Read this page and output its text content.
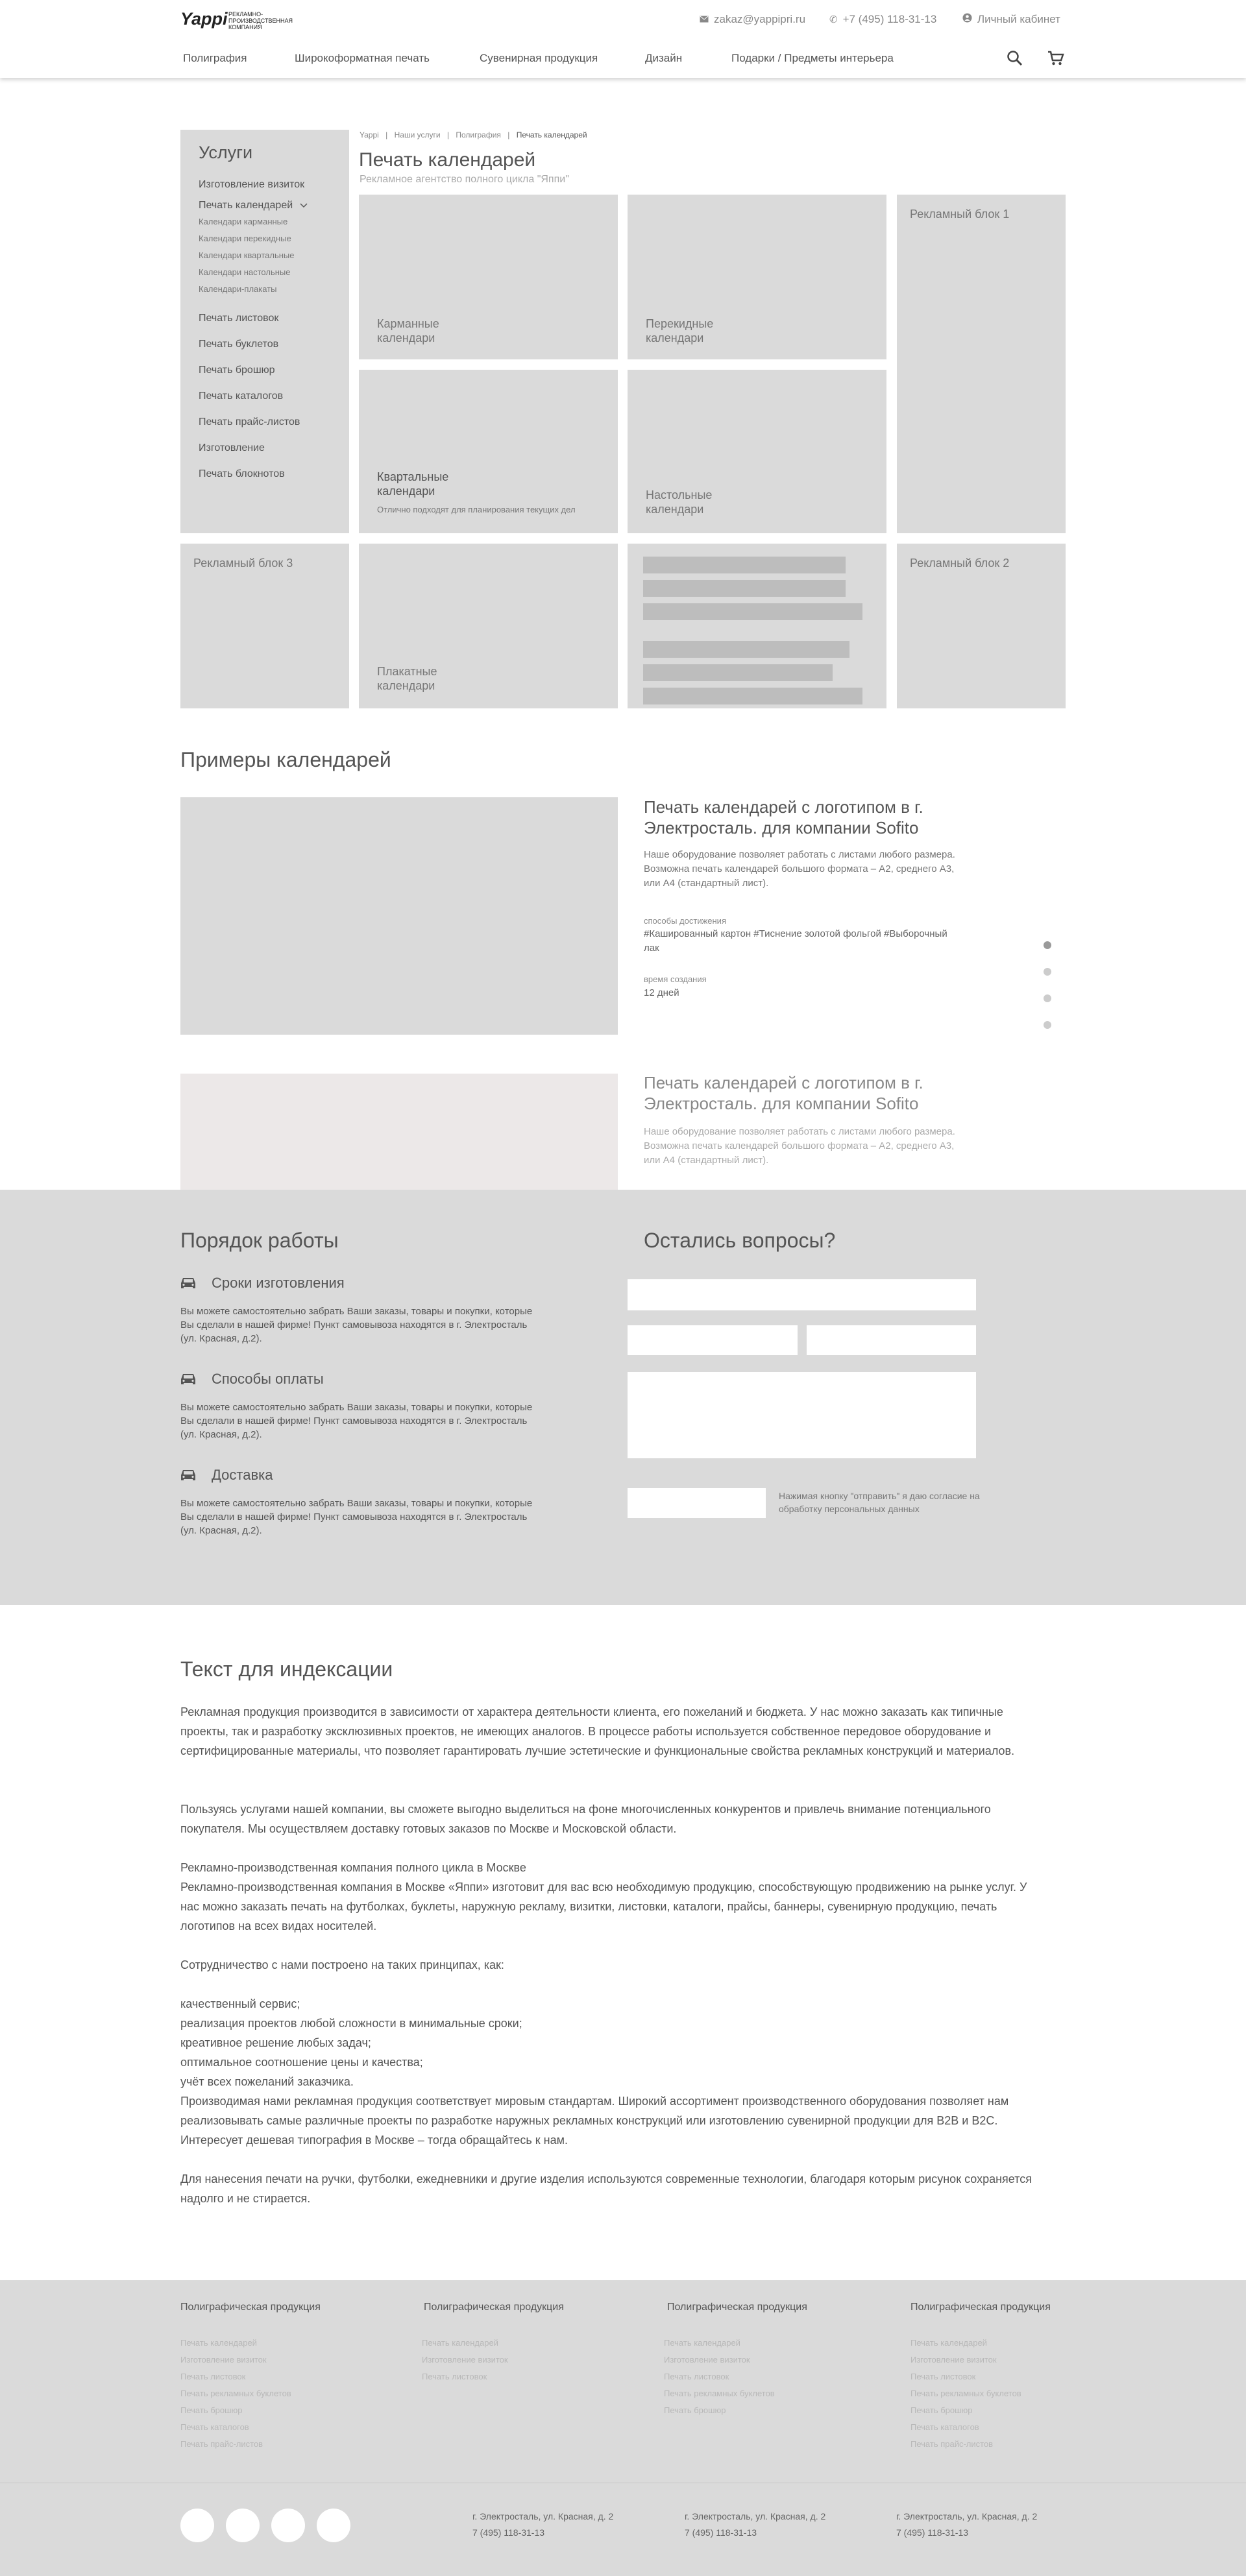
Yappi РЕКЛАМНО-ПРОИЗВОДСТВЕННАЯ КОМПАНИЯ
zakaz@yappipri.ru ✆ +7 (495) 118-31-13	Личный кабинет
Полиграфия	Широкоформатная печать	Сувенирная продукция	Дизайн	Подарки / Предметы интерьера
Услуги
Изготовление визиток
Печать календарей
Календари карманные
Календари перекидные
Календари квартальные
Календари настольные
Календари-плакаты
Печать листовок
Печать буклетов
Печать брошюр
Печать каталогов
Печать прайс-листов
Изготовление
Печать блокнотов
Yappi | Наши услуги | Полиграфия | Печать календарей
Печать календарей
Рекламное агентство полного цикла "Яппи"
Карманные календари
Перекидные календари
Рекламный блок 1
Квартальные календари
Отлично подходят для планирования текущих дел
Настольные календари
Рекламный блок 3
Плакатные календари
Рекламный блок 2
Примеры календарей
Печать календарей с логотипом в г. Электросталь. для компании Sofito
Наше оборудование позволяет работать с листами любого размера. Возможна печать календарей большого формата – А2, среднего А3, или А4 (стандартный лист).
способы достижения
#Кашированный картон #Тиснение золотой фольгой #Выборочный лак
время создания
12 дней
Печать календарей с логотипом в г. Электросталь. для компании Sofito
Наше оборудование позволяет работать с листами любого размера. Возможна печать календарей большого формата – А2, среднего А3, или А4 (стандартный лист).
Порядок работы
Сроки изготовления
Вы можете самостоятельно забрать Ваши заказы, товары и покупки, которые Вы сделали в нашей фирме! Пункт самовывоза находятся в г. Электросталь (ул. Красная, д.2).
Способы оплаты
Вы можете самостоятельно забрать Ваши заказы, товары и покупки, которые Вы сделали в нашей фирме! Пункт самовывоза находятся в г. Электросталь (ул. Красная, д.2).
Доставка
Вы можете самостоятельно забрать Ваши заказы, товары и покупки, которые Вы сделали в нашей фирме! Пункт самовывоза находятся в г. Электросталь (ул. Красная, д.2).
Остались вопросы?
Нажимая кнопку "отправить" я даю согласие на обработку персональных данных
Текст для индексации
Рекламная продукция производится в зависимости от характера деятельности клиента, его пожеланий и бюджета. У нас можно заказать как типичные проекты, так и разработку эксклюзивных проектов, не имеющих аналогов. В процессе работы используется собственное передовое оборудование и сертифицированные материалы, что позволяет гарантировать лучшие эстетические и функциональные свойства рекламных конструкций и материалов.
Пользуясь услугами нашей компании, вы сможете выгодно выделиться на фоне многочисленных конкурентов и привлечь внимание потенциального покупателя. Мы осуществляем доставку готовых заказов по Москве и Московской области.
Рекламно-производственная компания полного цикла в Москве
Рекламно-производственная компания в Москве «Яппи» изготовит для вас всю необходимую продукцию, способствующую продвижению на рынке услуг. У нас можно заказать печать на футболках, буклеты, наружную рекламу, визитки, листовки, каталоги, прайсы, баннеры, сувенирную продукцию, печать логотипов на всех видах носителей.
Сотрудничество с нами построено на таких принципах, как:
качественный сервис;
реализация проектов любой сложности в минимальные сроки;
креативное решение любых задач;
оптимальное соотношение цены и качества;
учёт всех пожеланий заказчика.
Производимая нами рекламная продукция соответствует мировым стандартам. Широкий ассортимент производственного оборудования позволяет нам реализовывать самые различные проекты по разработке наружных рекламных конструкций или изготовлению сувенирной продукции для B2B и B2C. Интересует дешевая типография в Москве – тогда обращайтесь к нам.
Для нанесения печати на ручки, футболки, ежедневники и другие изделия используются современные технологии, благодаря которым рисунок сохраняется надолго и не стирается.
Полиграфическая продукция
Печать календарей
Изготовление визиток
Печать листовок
Печать рекламных буклетов
Печать брошюр
Печать каталогов
Печать прайс-листов
Полиграфическая продукция
Печать календарей
Изготовление визиток
Печать листовок
Полиграфическая продукция
Печать календарей
Изготовление визиток
Печать листовок
Печать рекламных буклетов
Печать брошюр
Полиграфическая продукция
Печать календарей
Изготовление визиток
Печать листовок
Печать рекламных буклетов
Печать брошюр
Печать каталогов
Печать прайс-листов
г. Электросталь, ул. Красная, д. 2
7 (495) 118-31-13
г. Электросталь, ул. Красная, д. 2
7 (495) 118-31-13
г. Электросталь, ул. Красная, д. 2
7 (495) 118-31-13
